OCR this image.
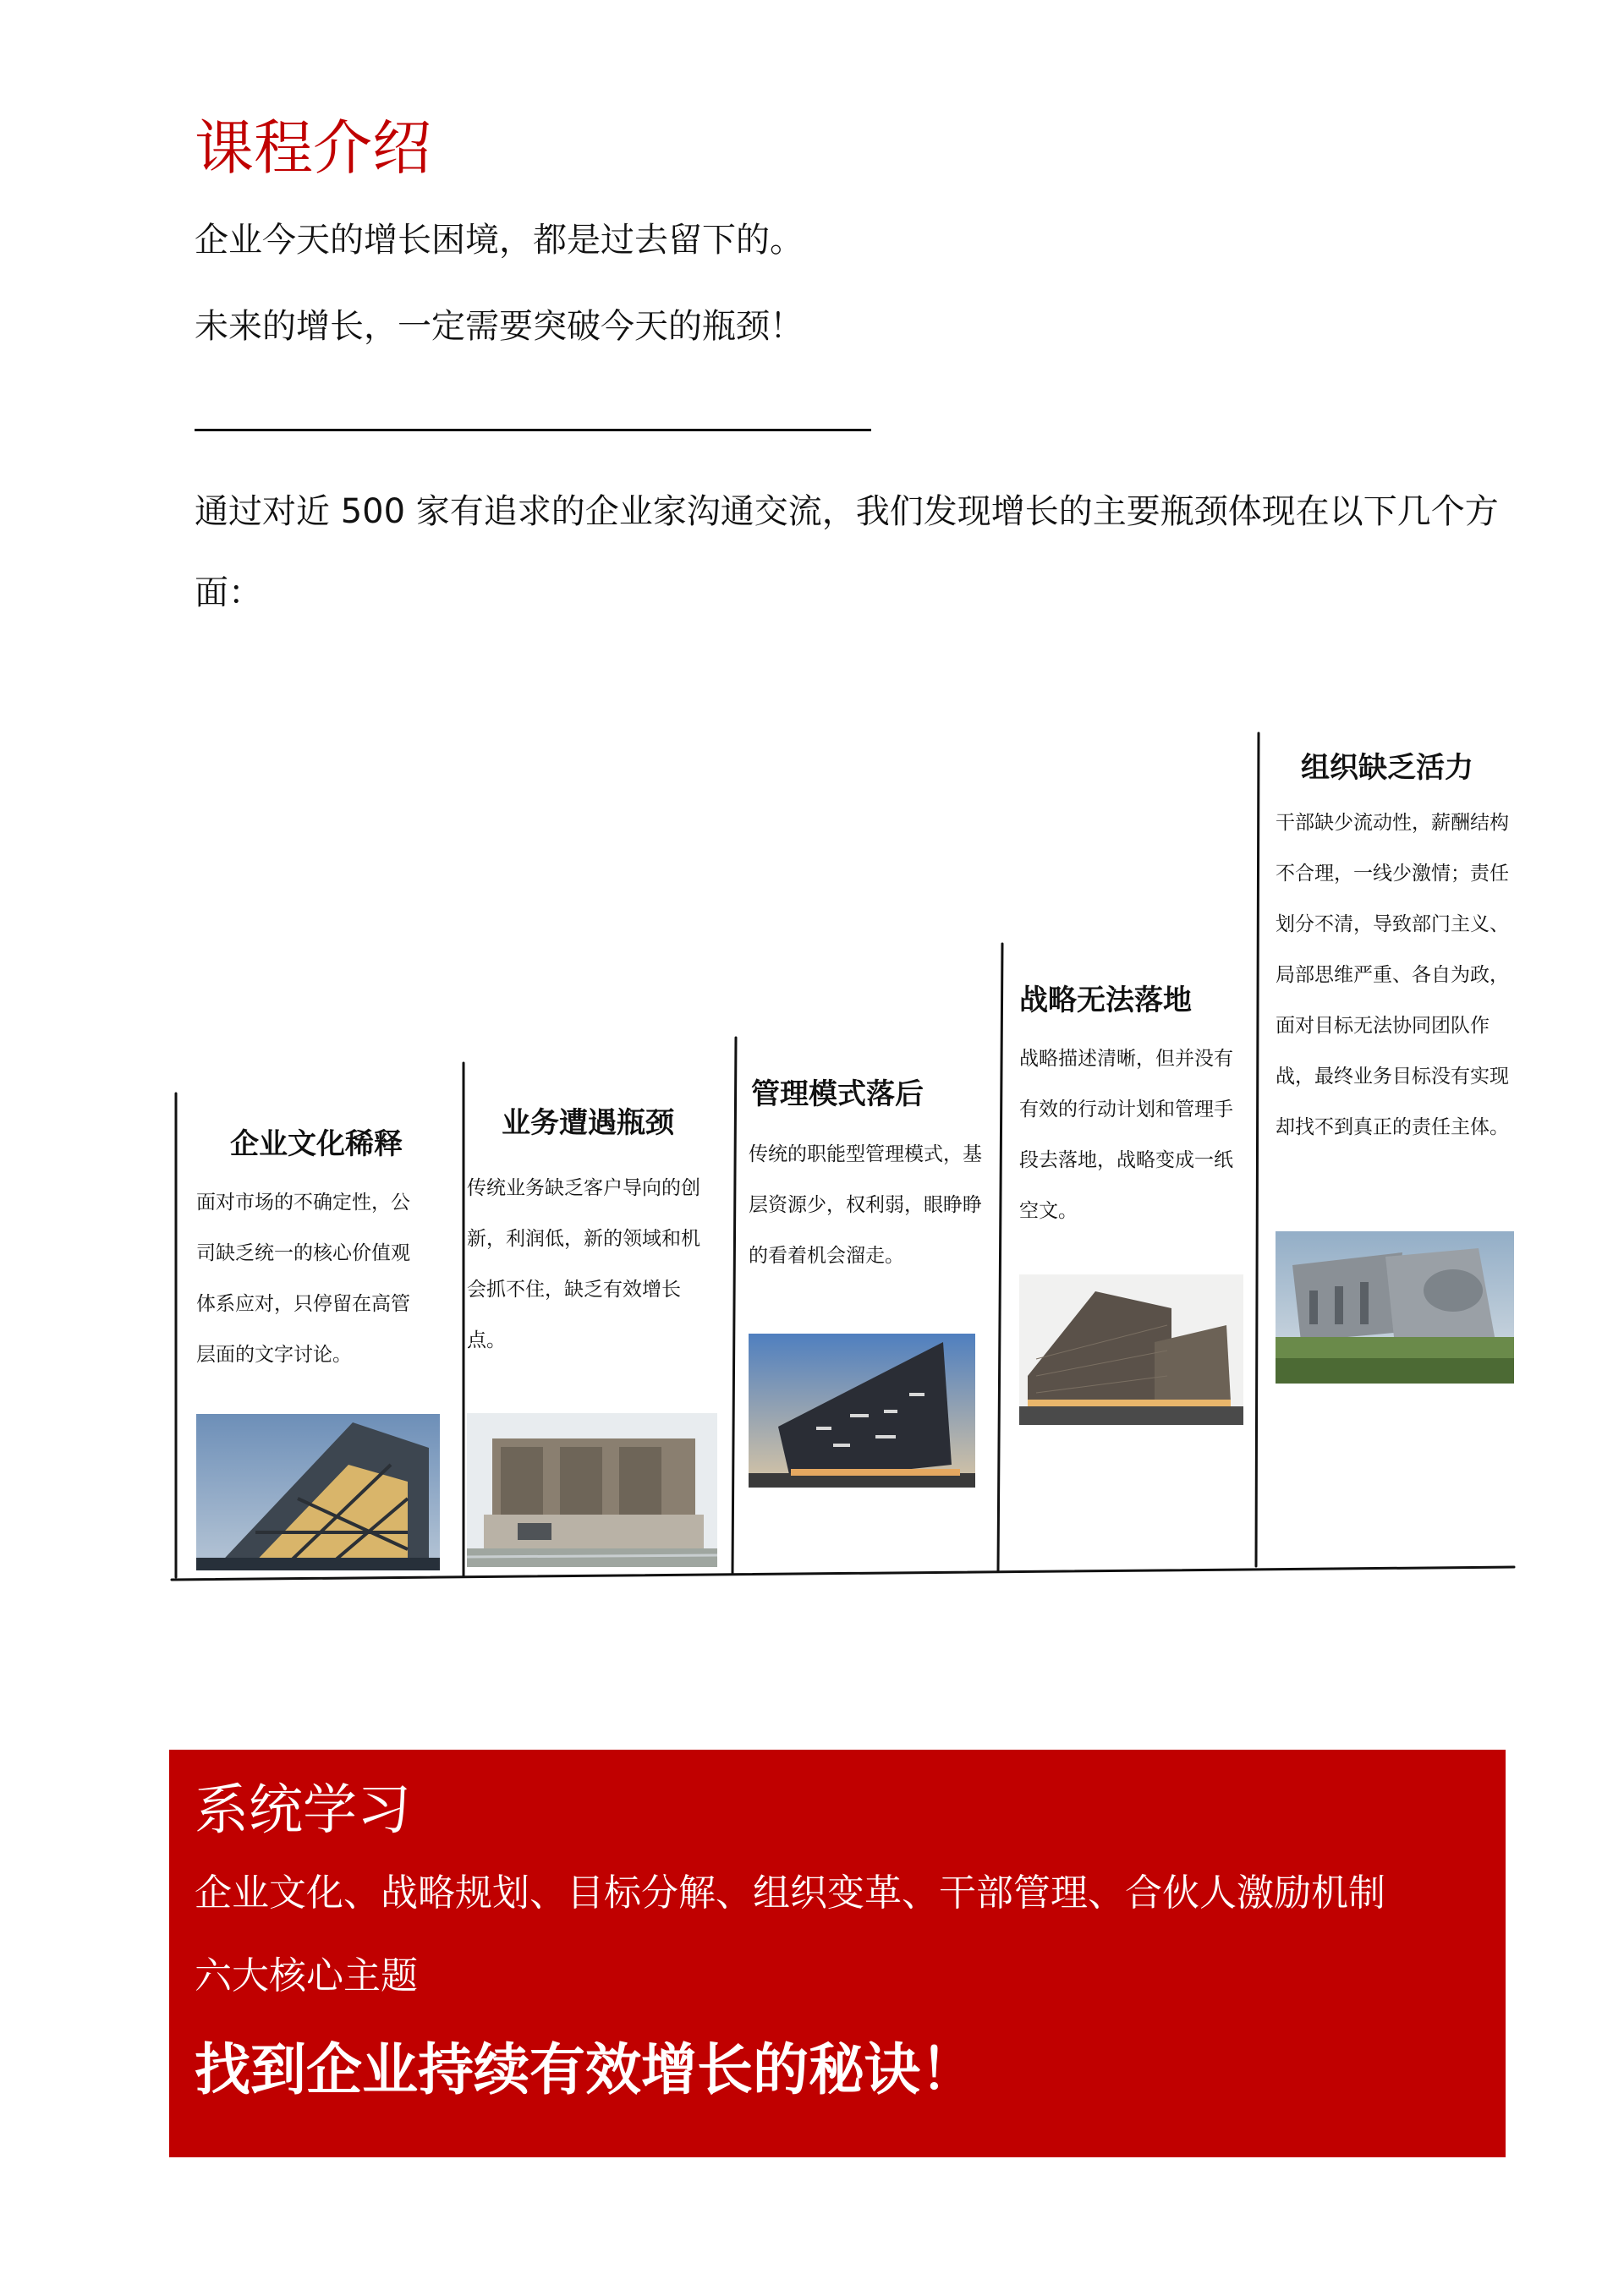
课程介绍
企业今天的增长困境，都是过去留下的。
未来的增长，一定需要突破今天的瓶颈！
通过对近 500 家有追求的企业家沟通交流，我们发现增长的主要瓶颈体现在以下几个方面：
企业文化稀释
面对市场的不确定性，公司缺乏统一的核心价值观体系应对，只停留在高管层面的文字讨论。
业务遭遇瓶颈
传统业务缺乏客户导向的创新，利润低，新的领域和机会抓不住，缺乏有效增长点。
管理模式落后
传统的职能型管理模式，基层资源少，权利弱，眼睁睁的看着机会溜走。
战略无法落地
战略描述清晰，但并没有有效的行动计划和管理手段去落地，战略变成一纸空文。
组织缺乏活力
干部缺少流动性，薪酬结构不合理，一线少激情；责任划分不清，导致部门主义、局部思维严重、各自为政，面对目标无法协同团队作战，最终业务目标没有实现却找不到真正的责任主体。
系统学习
企业文化、战略规划、目标分解、组织变革、干部管理、合伙人激励机制
六大核心主题
找到企业持续有效增长的秘诀！
